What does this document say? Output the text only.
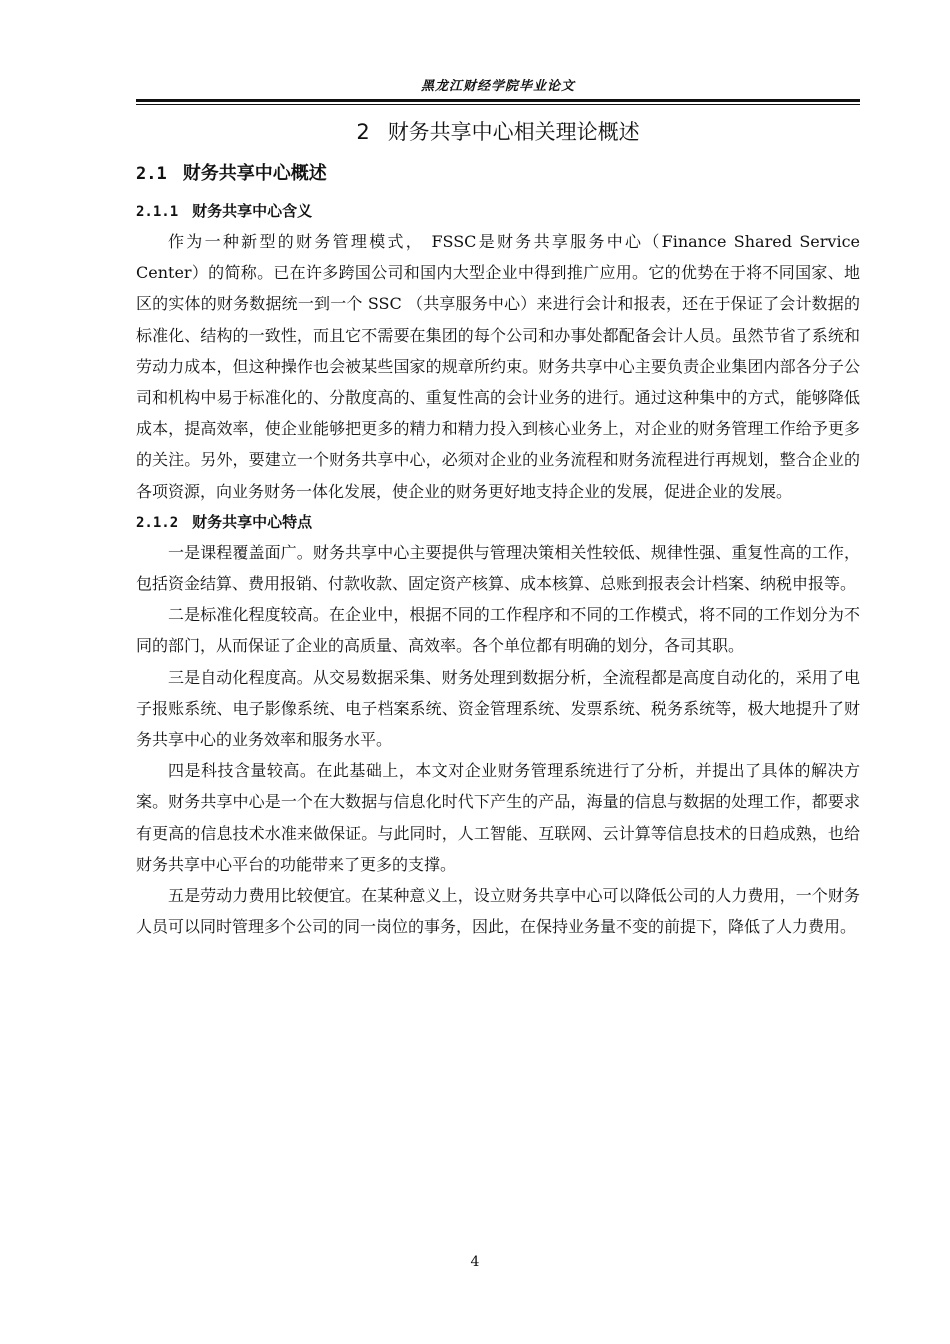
黑龙江财经学院毕业论文
2 财务共享中心相关理论概述
2.1 财务共享中心概述
2.1.1 财务共享中心含义

作为一种新型的财务管理模式， FSSC是财务共享服务中心（Finance Shared Service Center）的简称。已在许多跨国公司和国内大型企业中得到推广应用。它的优势在于将不同国家、地区的实体的财务数据统一到一个 SSC （共享服务中心）来进行会计和报表，还在于保证了会计数据的标准化、结构的一致性，而且它不需要在集团的每个公司和办事处都配备会计人员。虽然节省了系统和劳动力成本，但这种操作也会被某些国家的规章所约束。财务共享中心主要负责企业集团内部各分子公司和机构中易于标准化的、分散度高的、重复性高的会计业务的进行。通过这种集中的方式，能够降低成本，提高效率，使企业能够把更多的精力和精力投入到核心业务上，对企业的财务管理工作给予更多的关注。另外，要建立一个财务共享中心，必须对企业的业务流程和财务流程进行再规划，整合企业的各项资源，向业务财务一体化发展，使企业的财务更好地支持企业的发展，促进企业的发展。

2.1.2 财务共享中心特点

一是课程覆盖面广。财务共享中心主要提供与管理决策相关性较低、规律性强、重复性高的工作，包括资金结算、费用报销、付款收款、固定资产核算、成本核算、总账到报表会计档案、纳税申报等。

二是标准化程度较高。在企业中，根据不同的工作程序和不同的工作模式，将不同的工作划分为不同的部门，从而保证了企业的高质量、高效率。各个单位都有明确的划分，各司其职。

三是自动化程度高。从交易数据采集、财务处理到数据分析，全流程都是高度自动化的，采用了电子报账系统、电子影像系统、电子档案系统、资金管理系统、发票系统、税务系统等，极大地提升了财务共享中心的业务效率和服务水平。

四是科技含量较高。在此基础上，本文对企业财务管理系统进行了分析，并提出了具体的解决方案。财务共享中心是一个在大数据与信息化时代下产生的产品，海量的信息与数据的处理工作，都要求有更高的信息技术水准来做保证。与此同时，人工智能、互联网、云计算等信息技术的日趋成熟，也给财务共享中心平台的功能带来了更多的支撑。

五是劳动力费用比较便宜。在某种意义上，设立财务共享中心可以降低公司的人力费用，一个财务人员可以同时管理多个公司的同一岗位的事务，因此，在保持业务量不变的前提下，降低了人力费用。

4
